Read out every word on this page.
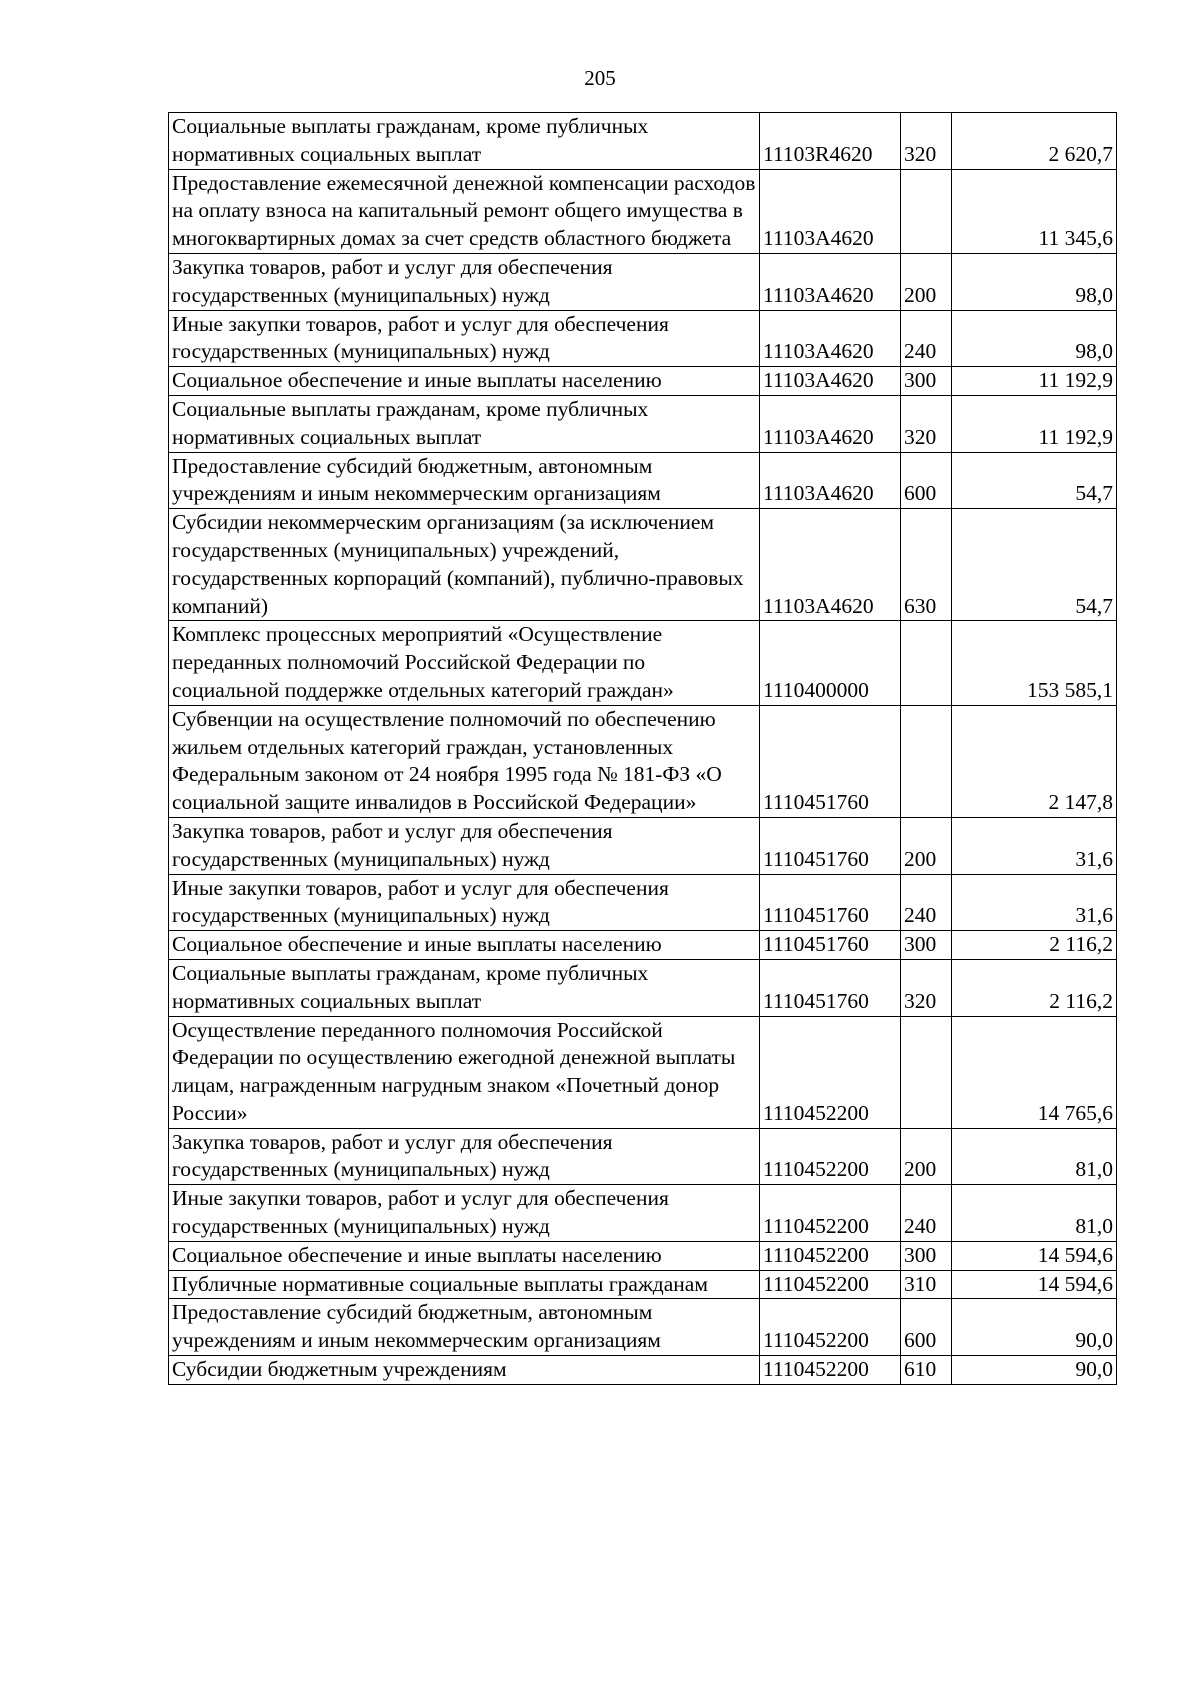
205
Социальные выплаты гражданам, кроме публичных нормативных социальных выплат	11103R4620	320	2 620,7
Предоставление ежемесячной денежной компенсации расходов на оплату взноса на капитальный ремонт общего имущества в многоквартирных домах за счет средств областного бюджета	11103А4620		11 345,6
Закупка товаров, работ и услуг для обеспечения государственных (муниципальных) нужд	11103А4620	200	98,0
Иные закупки товаров, работ и услуг для обеспечения государственных (муниципальных) нужд	11103А4620	240	98,0
Социальное обеспечение и иные выплаты населению	11103А4620	300	11 192,9
Социальные выплаты гражданам, кроме публичных нормативных социальных выплат	11103А4620	320	11 192,9
Предоставление субсидий бюджетным, автономным учреждениям и иным некоммерческим организациям	11103А4620	600	54,7
Субсидии некоммерческим организациям (за исключением государственных (муниципальных) учреждений, государственных корпораций (компаний), публично-правовых компаний)	11103А4620	630	54,7
Комплекс процессных мероприятий «Осуществление переданных полномочий Российской Федерации по социальной поддержке отдельных категорий граждан»	1110400000		153 585,1
Субвенции на осуществление полномочий по обеспечению жильем отдельных категорий граждан, установленных Федеральным законом от 24 ноября 1995 года № 181-ФЗ «О социальной защите инвалидов в Российской Федерации»	1110451760		2 147,8
Закупка товаров, работ и услуг для обеспечения государственных (муниципальных) нужд	1110451760	200	31,6
Иные закупки товаров, работ и услуг для обеспечения государственных (муниципальных) нужд	1110451760	240	31,6
Социальное обеспечение и иные выплаты населению	1110451760	300	2 116,2
Социальные выплаты гражданам, кроме публичных нормативных социальных выплат	1110451760	320	2 116,2
Осуществление переданного полномочия Российской Федерации по осуществлению ежегодной денежной выплаты лицам, награжденным нагрудным знаком «Почетный донор России»	1110452200		14 765,6
Закупка товаров, работ и услуг для обеспечения государственных (муниципальных) нужд	1110452200	200	81,0
Иные закупки товаров, работ и услуг для обеспечения государственных (муниципальных) нужд	1110452200	240	81,0
Социальное обеспечение и иные выплаты населению	1110452200	300	14 594,6
Публичные нормативные социальные выплаты гражданам	1110452200	310	14 594,6
Предоставление субсидий бюджетным, автономным учреждениям и иным некоммерческим организациям	1110452200	600	90,0
Субсидии бюджетным учреждениям	1110452200	610	90,0
